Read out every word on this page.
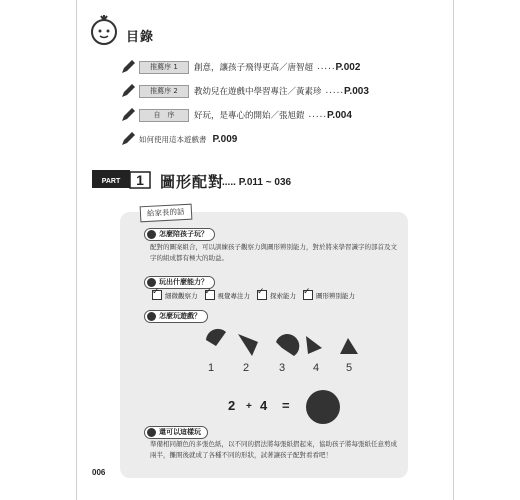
目錄
推薦序 1	創意，讓孩子飛得更高／唐智超 ..... P.002
推薦序 2	教幼兒在遊戲中學習專注／黃素珍 ..... P.003
自　序	好玩，是專心的開始／張旭鎧 ..... P.004
如何使用這本遊戲書 P.009
PART 1 圖形配對
..... P.011 ~ 036
給家長的話
怎麼陪孩子玩？
配對的圖案組合，可以訓練孩子觀察力與圖形辨別能力，對於將來學習識字的部首及文字的組成都有極大的助益。
玩出什麼能力？
✓
細微觀察力 ✓	視覺專注力 ✓	探索能力 ✓	圖形辨別能力
怎麼玩遊戲？
1	2	3	4 5
2 + 4 =
還可以這樣玩
準備相同顏色的多張色紙，以不同的摺法將每張紙摺起來，協助孩子將每張紙任意剪成兩半，攤開後就成了各種不同的形狀，試著讓孩子配對看看吧！
006
